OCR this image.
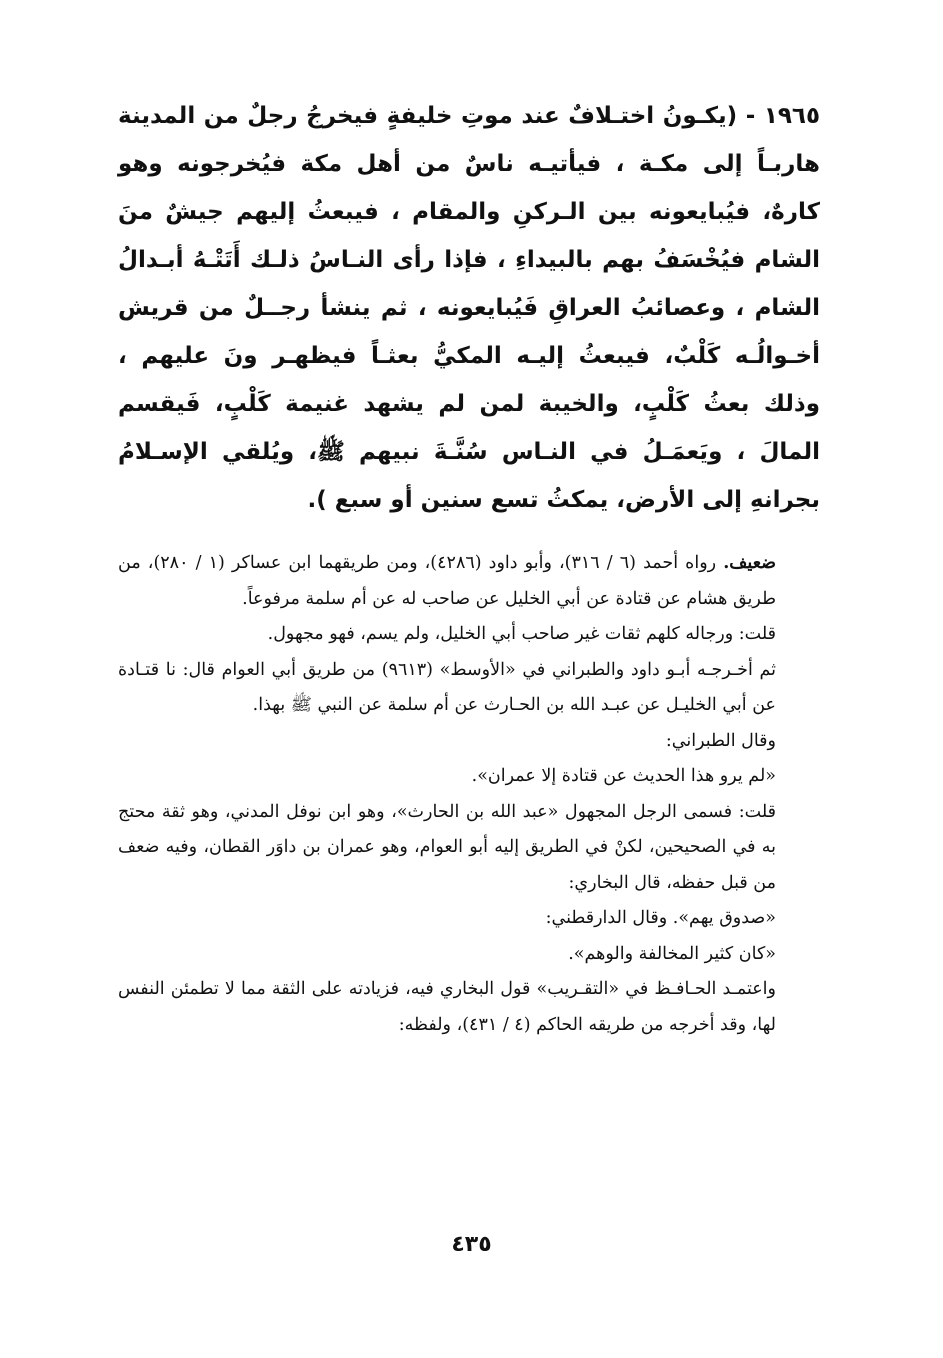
١٩٦٥ - (يكـونُ اختـلافٌ عند موتِ خليفةٍ فيخرجُ رجلٌ من المدينة هاربـاً إلى مكـة ، فيأتيـه ناسٌ من أهل مكة فيُخرجونه وهو كارهٌ، فيُبايعونه بين الـركنِ والمقام ، فيبعثُ إليهم جيشٌ منَ الشام فيُخْسَفُ بهم بالبيداءِ ، فإذا رأى النـاسُ ذلـك أَتَتْـهُ أبـدالُ الشام ، وعصائبُ العراقِ فَيُبايعونه ، ثم ينشأ رجــلٌ من قريش أخـوالُـه كَلْبٌ، فيبعثُ إليـه المكيُّ بعثـاً فيظهـر ونَ عليهم ، وذلك بعثُ كَلْبٍ، والخيبة لمن لم يشهد غنيمة كَلْبٍ، فَيقسم المالَ ، ويَعمَـلُ في النـاس سُنَّـةَ نبيهم ﷺ، ويُلقي الإسـلامُ بجرانهِ إلى الأرض، يمكثُ تسع سنين أو سبع ).

ضعيف. رواه أحمد (٦ / ٣١٦)، وأبو داود (٤٢٨٦)، ومن طريقهما ابن عساكر (١ / ٢٨٠)، من طريق هشام عن قتادة عن أبي الخليل عن صاحب له عن أم سلمة مرفوعاً.

قلت: ورجاله كلهم ثقات غير صاحب أبي الخليل، ولم يسم، فهو مجهول.

ثم أخـرجـه أبـو داود والطبراني في «الأوسط» (٩٦١٣) من طريق أبي العوام قال: نا قتـادة عن أبي الخليـل عن عبـد الله بن الحـارث عن أم سلمة عن النبي ﷺ بهذا.

وقال الطبراني:

«لم يرو هذا الحديث عن قتادة إلا عمران».

قلت: فسمى الرجل المجهول «عبد الله بن الحارث»، وهو ابن نوفل المدني، وهو ثقة محتج به في الصحيحين، لكنْ في الطريق إليه أبو العوام، وهو عمران بن داوَر القطان، وفيه ضعف من قبل حفظه، قال البخاري:

«صدوق يهم». وقال الدارقطني:

«كان كثير المخالفة والوهم».

واعتمـد الحـافـظ في «التقـريب» قول البخاري فيه، فزيادته على الثقة مما لا تطمئن النفس لها، وقد أخرجه من طريقه الحاكم (٤ / ٤٣١)، ولفظه:

٤٣٥
